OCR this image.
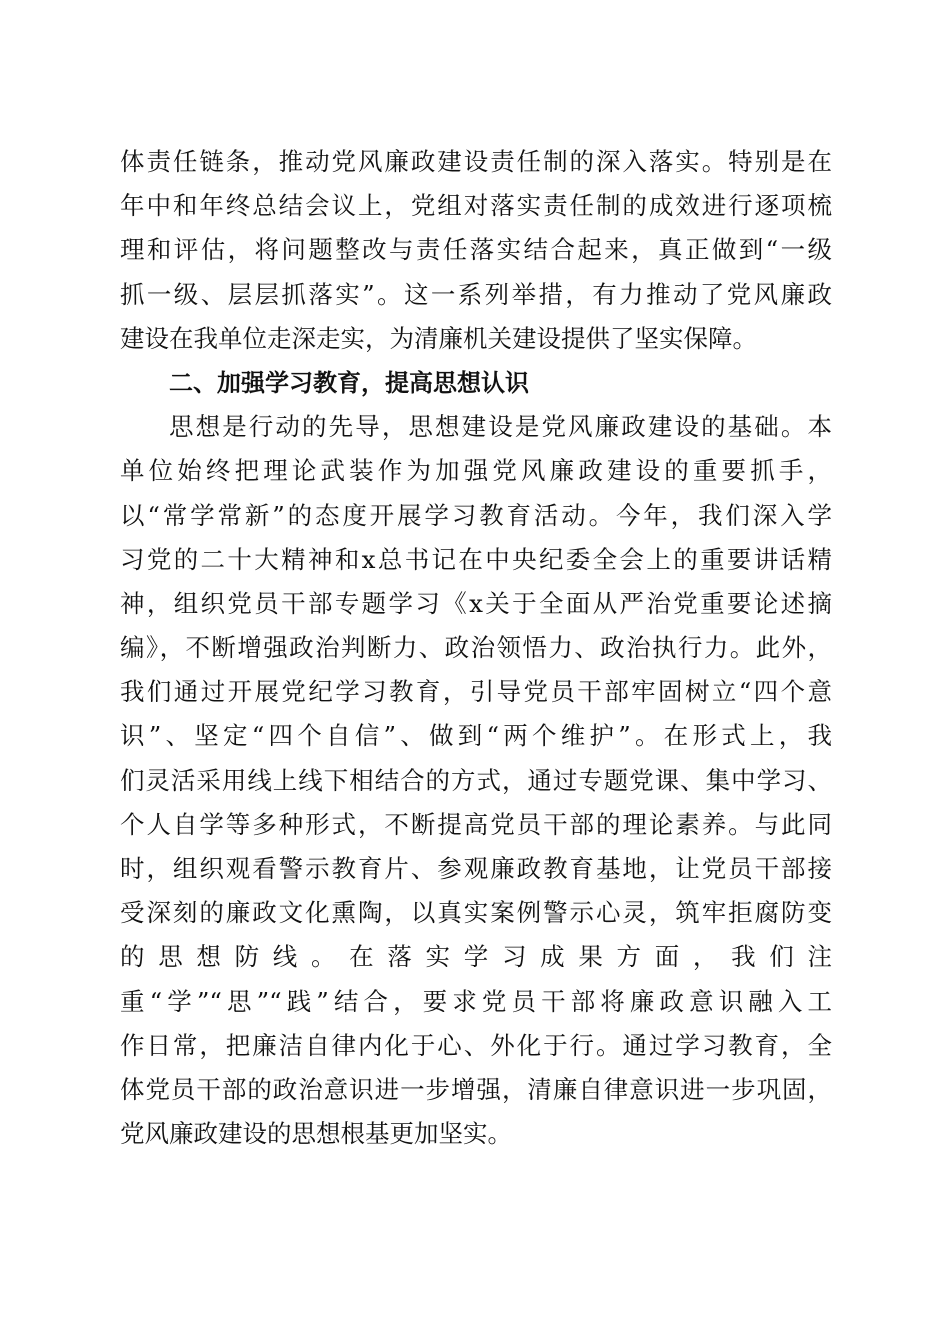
体责任链条，推动党风廉政建设责任制的深入落实。特别是在
年中和年终总结会议上，党组对落实责任制的成效进行逐项梳
理和评估，将问题整改与责任落实结合起来，真正做到“一级
抓一级、层层抓落实”。这一系列举措，有力推动了党风廉政
建设在我单位走深走实，为清廉机关建设提供了坚实保障。
二、加强学习教育，提高思想认识
思想是行动的先导，思想建设是党风廉政建设的基础。本
单位始终把理论武装作为加强党风廉政建设的重要抓手，
以“常学常新”的态度开展学习教育活动。今年，我们深入学
习党的二十大精神和x总书记在中央纪委全会上的重要讲话精
神，组织党员干部专题学习《x关于全面从严治党重要论述摘
编》，不断增强政治判断力、政治领悟力、政治执行力。此外，
我们通过开展党纪学习教育，引导党员干部牢固树立“四个意
识”、坚定“四个自信”、做到“两个维护”。在形式上，我
们灵活采用线上线下相结合的方式，通过专题党课、集中学习、
个人自学等多种形式，不断提高党员干部的理论素养。与此同
时，组织观看警示教育片、参观廉政教育基地，让党员干部接
受深刻的廉政文化熏陶，以真实案例警示心灵，筑牢拒腐防变
的思想防线。在落实学习成果方面，我们注
重“学”“思”“践”结合，要求党员干部将廉政意识融入工
作日常，把廉洁自律内化于心、外化于行。通过学习教育，全
体党员干部的政治意识进一步增强，清廉自律意识进一步巩固，
党风廉政建设的思想根基更加坚实。
